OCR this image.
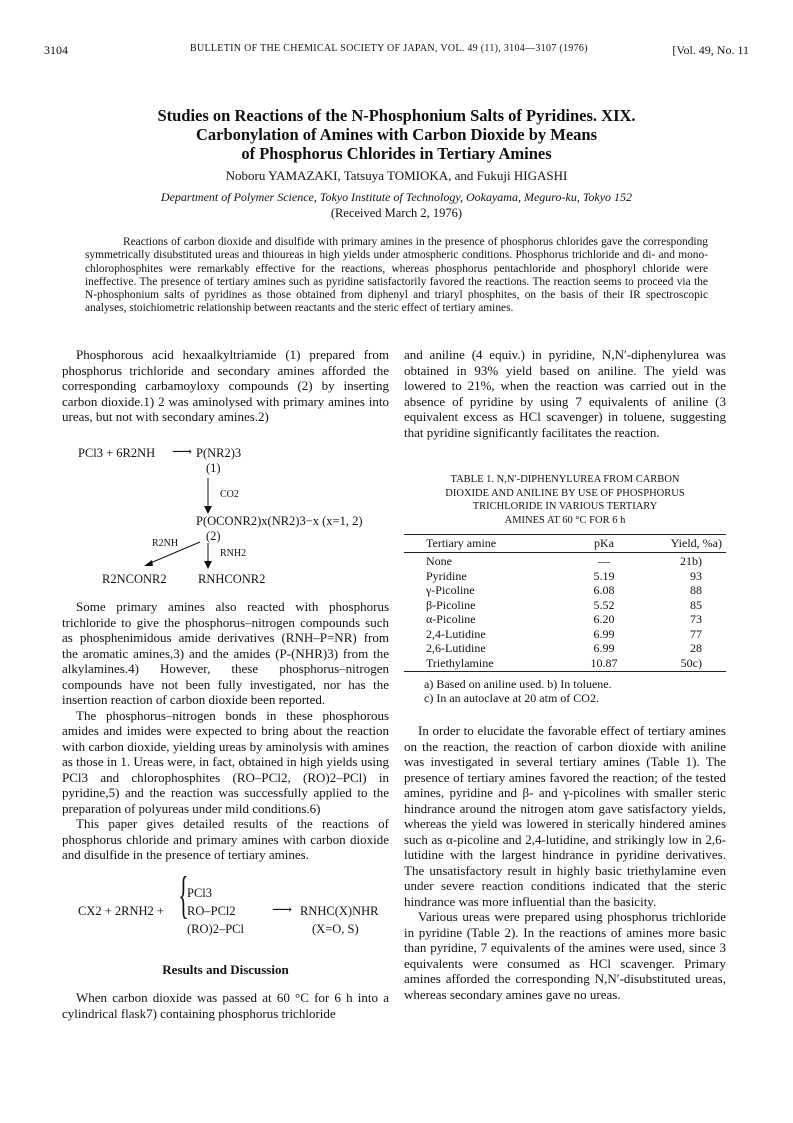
3104	BULLETIN OF THE CHEMICAL SOCIETY OF JAPAN, VOL. 49 (11), 3104—3107 (1976)	[Vol. 49, No. 11
Studies on Reactions of the N-Phosphonium Salts of Pyridines. XIX.
Carbonylation of Amines with Carbon Dioxide by Means
of Phosphorus Chlorides in Tertiary Amines
Noboru YAMAZAKI, Tatsuya TOMIOKA, and Fukuji HIGASHI
Department of Polymer Science, Tokyo Institute of Technology, Ookayama, Meguro-ku, Tokyo 152
(Received March 2, 1976)
Reactions of carbon dioxide and disulfide with primary amines in the presence of phosphorus chlorides gave the corresponding symmetrically disubstituted ureas and thioureas in high yields under atmospheric conditions. Phosphorus trichloride and di- and mono-chlorophosphites were remarkably effective for the reactions, whereas phosphorus pentachloride and phosphoryl chloride were ineffective. The presence of tertiary amines such as pyridine satisfactorily favored the reactions. The reaction seems to proceed via the N-phosphonium salts of pyridines as those obtained from diphenyl and triaryl phosphites, on the basis of their IR spectroscopic analyses, stoichiometric relationship between reactants and the steric effect of tertiary amines.

Phosphorous acid hexaalkyltriamide (1) prepared from phosphorus trichloride and secondary amines afforded the corresponding carbamoyloxy compounds (2) by inserting carbon dioxide.1) 2 was aminolysed with primary amines into ureas, but not with secondary amines.2)

PCl3 + 6R2NH ⟶ P(NR2)3
(1)
CO2
P(OCONR2)x(NR2)3−x (x=1, 2)
(2)
R2NH
RNH2
R2NCONR2	RNHCONR2

Some primary amines also reacted with phosphorus trichloride to give the phosphorus–nitrogen compounds such as phosphenimidous amide derivatives (RNH–P=NR) from the aromatic amines,3) and the amides (P-(NHR)3) from the alkylamines.4) However, these phosphorus–nitrogen compounds have not been fully investigated, nor has the insertion reaction of carbon dioxide been reported.

The phosphorus–nitrogen bonds in these phosphorous amides and imides were expected to bring about the reaction with carbon dioxide, yielding ureas by aminolysis with amines as those in 1. Ureas were, in fact, obtained in high yields using PCl3 and chlorophosphites (RO–PCl2, (RO)2–PCl) in pyridine,5) and the reaction was successfully applied to the preparation of polyureas under mild conditions.6)

This paper gives detailed results of the reactions of phosphorus chloride and primary amines with carbon dioxide and disulfide in the presence of tertiary amines.

CX2 + 2RNH2 + {
PCl3
RO–PCl2
(RO)2–PCl
⟶ RNHC(X)NHR
(X=O, S)
Results and Discussion

When carbon dioxide was passed at 60 °C for 6 h into a cylindrical flask7) containing phosphorus trichloride

and aniline (4 equiv.) in pyridine, N,N′-diphenylurea was obtained in 93% yield based on aniline. The yield was lowered to 21%, when the reaction was carried out in the absence of pyridine by using 7 equivalents of aniline (3 equivalent excess as HCl scavenger) in toluene, suggesting that pyridine significantly facilitates the reaction.

TABLE 1. N,N′-DIPHENYLUREA FROM CARBON
DIOXIDE AND ANILINE BY USE OF PHOSPHORUS
TRICHLORIDE IN VARIOUS TERTIARY
AMINES AT 60 °C FOR 6 h
Tertiary amine	pKa	Yield, %a)
None	—	21b)
Pyridine	5.19	93
γ-Picoline	6.08	88
β-Picoline	5.52	85
α-Picoline	6.20	73
2,4-Lutidine	6.99	77
2,6-Lutidine	6.99	28
Triethylamine	10.87	50c)
a) Based on aniline used. b) In toluene.
c) In an autoclave at 20 atm of CO2.

In order to elucidate the favorable effect of tertiary amines on the reaction, the reaction of carbon dioxide with aniline was investigated in several tertiary amines (Table 1). The presence of tertiary amines favored the reaction; of the tested amines, pyridine and β- and γ-picolines with smaller steric hindrance around the nitrogen atom gave satisfactory yields, whereas the yield was lowered in sterically hindered amines such as α-picoline and 2,4-lutidine, and strikingly low in 2,6-lutidine with the largest hindrance in pyridine derivatives. The unsatisfactory result in highly basic triethylamine even under severe reaction conditions indicated that the steric hindrance was more influential than the basicity.

Various ureas were prepared using phosphorus trichloride in pyridine (Table 2). In the reactions of amines more basic than pyridine, 7 equivalents of the amines were used, since 3 equivalents were consumed as HCl scavenger. Primary amines afforded the corresponding N,N′-disubstituted ureas, whereas secondary amines gave no ureas.
